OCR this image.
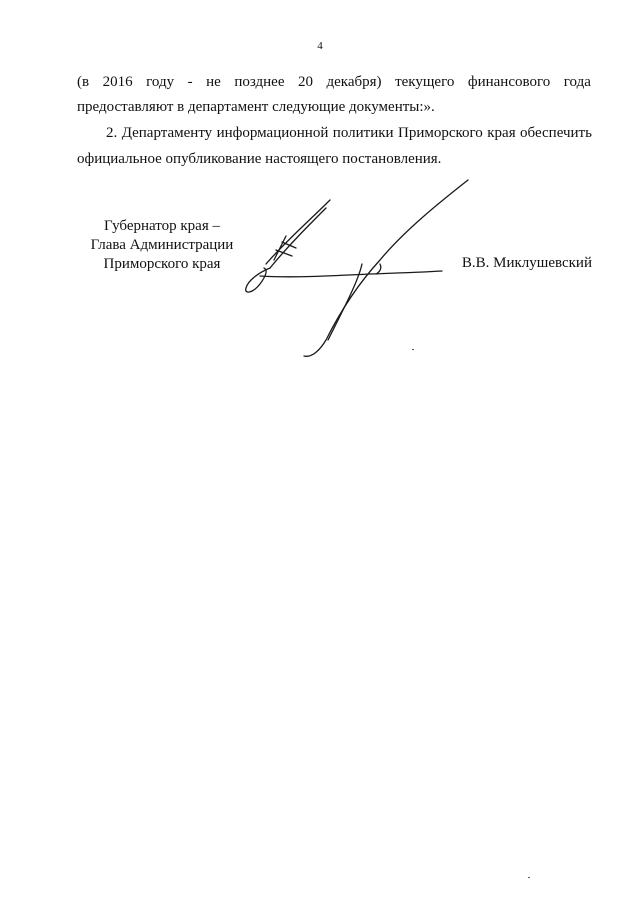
4
(в 2016 году - не позднее 20 декабря) текущего финансового года
предоставляют в департамент следующие документы:».
2. Департаменту информационной политики Приморского края обеспечить
официальное опубликование настоящего постановления.
Губернатор края –
Глава Администрации
Приморского края	В.В. Миклушевский
